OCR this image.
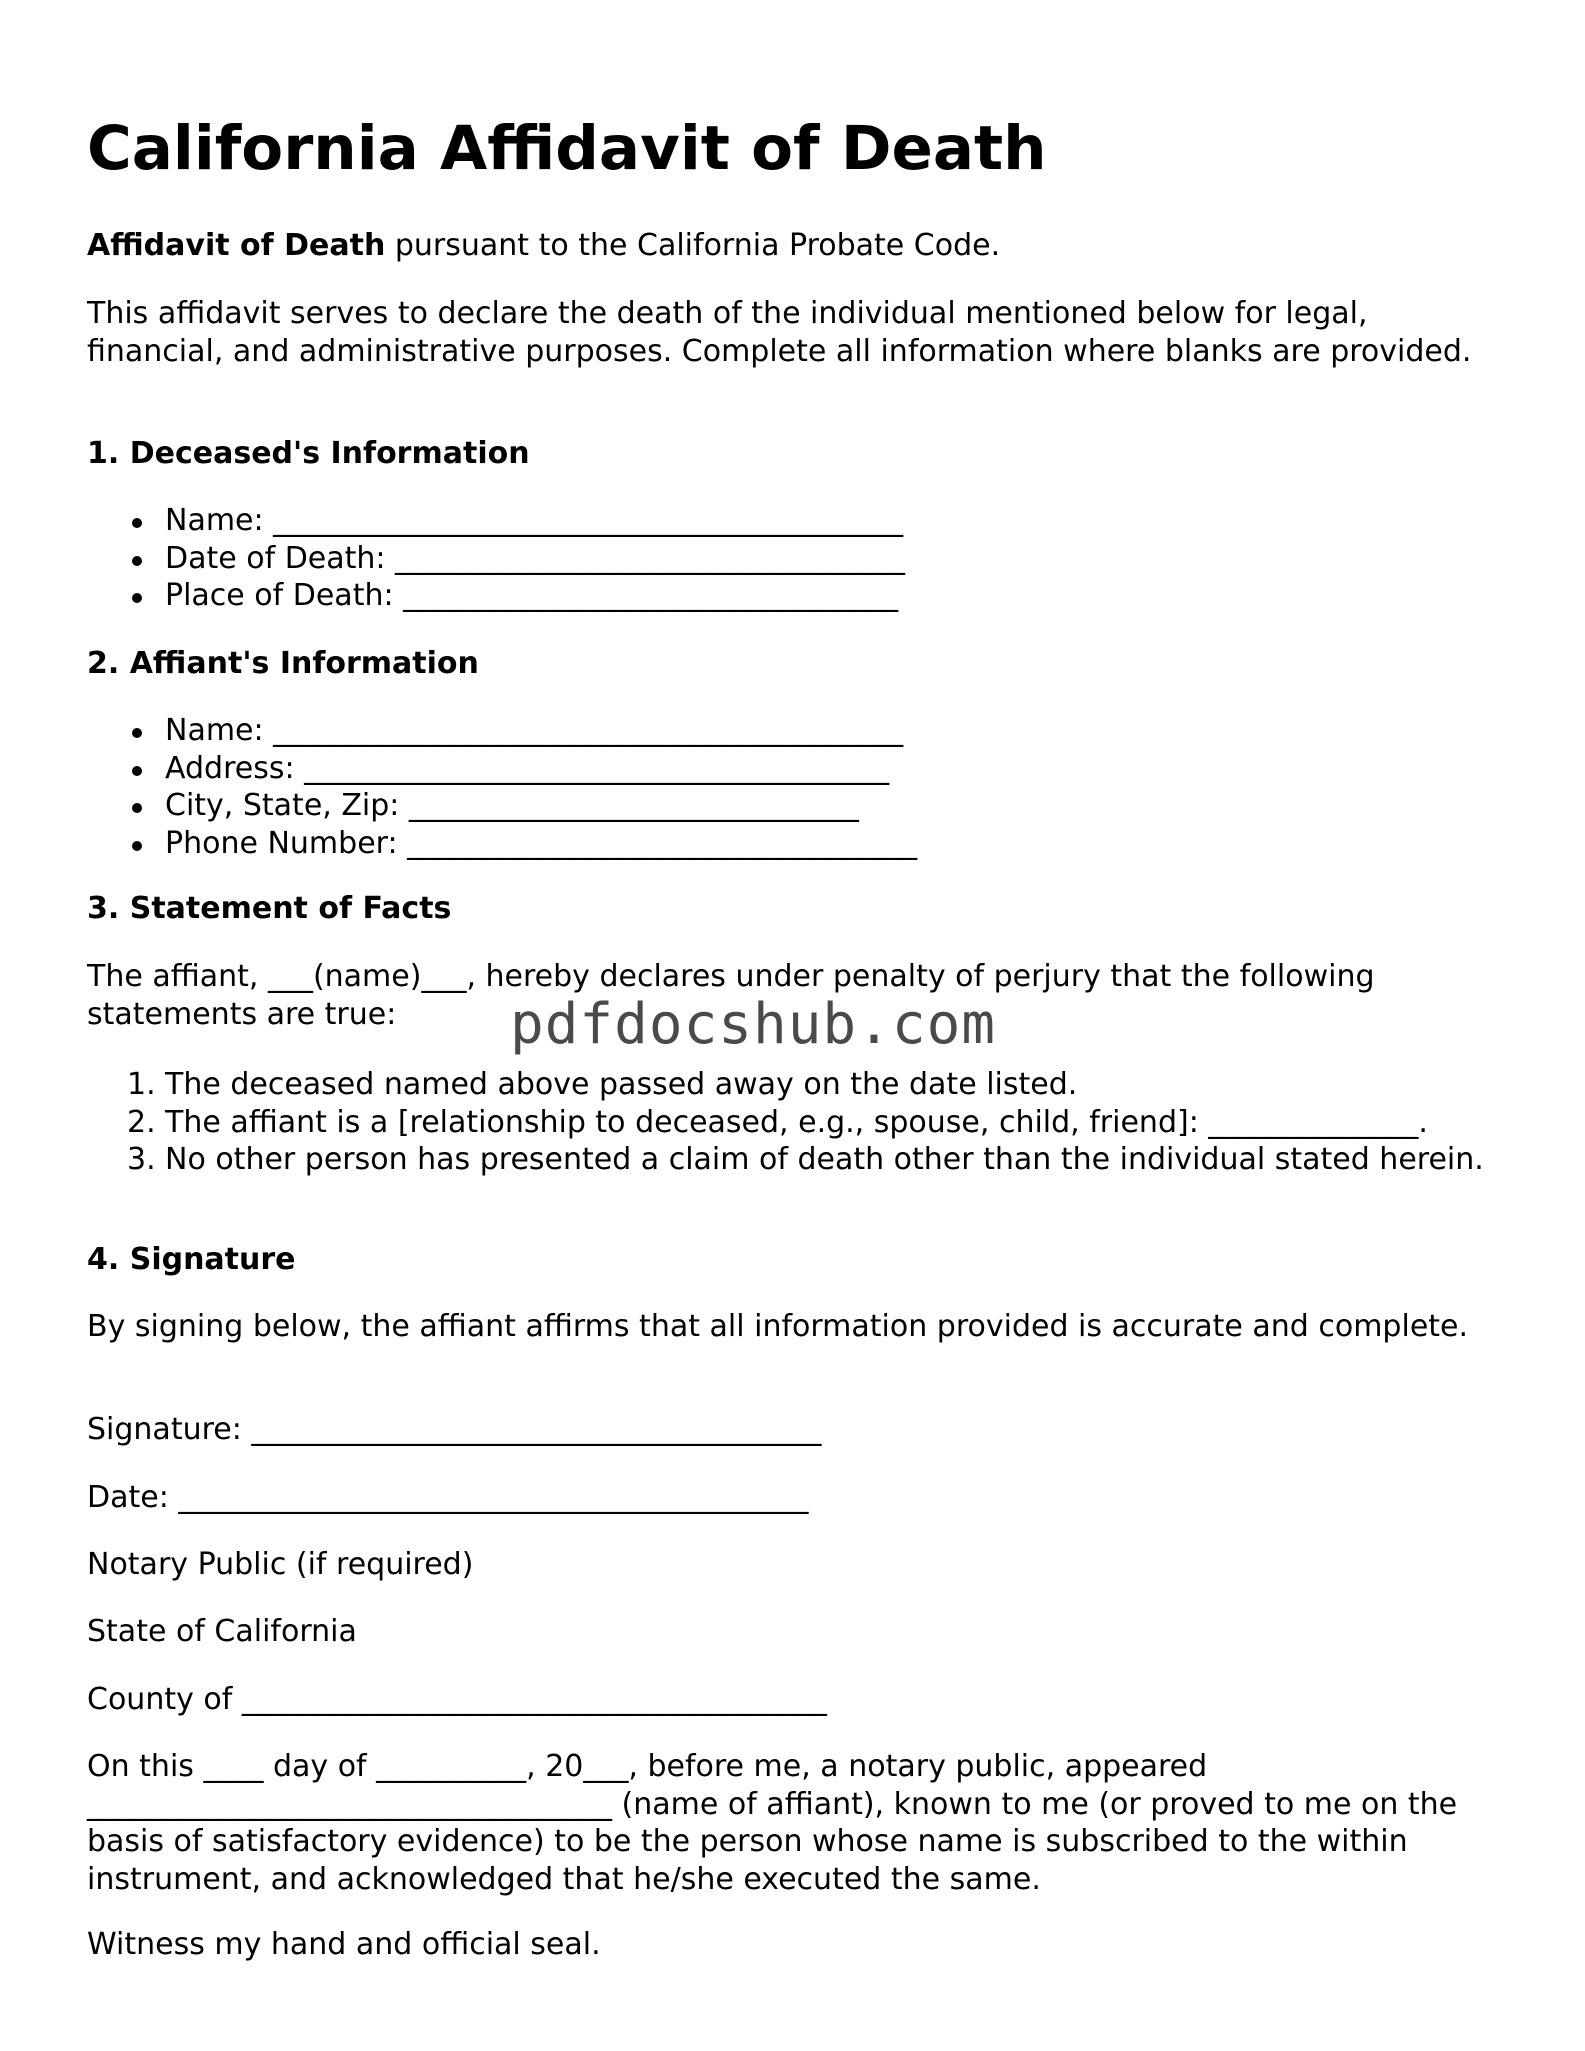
California Affidavit of Death
Affidavit of Death pursuant to the California Probate Code.
This affidavit serves to declare the death of the individual mentioned below for legal, financial, and administrative purposes. Complete all information where blanks are provided.
1. Deceased's Information
Name: __________________________________________
Date of Death: __________________________________
Place of Death: _________________________________
2. Affiant's Information
Name: __________________________________________
Address: _______________________________________
City, State, Zip: ______________________________
Phone Number: __________________________________
3. Statement of Facts
The affiant, ___(name)___, hereby declares under penalty of perjury that the following statements are true:
1. The deceased named above passed away on the date listed.
2. The affiant is a [relationship to deceased, e.g., spouse, child, friend]: ______________.
3. No other person has presented a claim of death other than the individual stated herein.
4. Signature
By signing below, the affiant affirms that all information provided is accurate and complete.
Signature: ______________________________________
Date: __________________________________________
Notary Public (if required)
State of California
County of _______________________________________
On this ____ day of __________, 20___, before me, a notary public, appeared ___________________________________ (name of affiant), known to me (or proved to me on the basis of satisfactory evidence) to be the person whose name is subscribed to the within instrument, and acknowledged that he/she executed the same.
Witness my hand and official seal.
pdfdocshub.com
